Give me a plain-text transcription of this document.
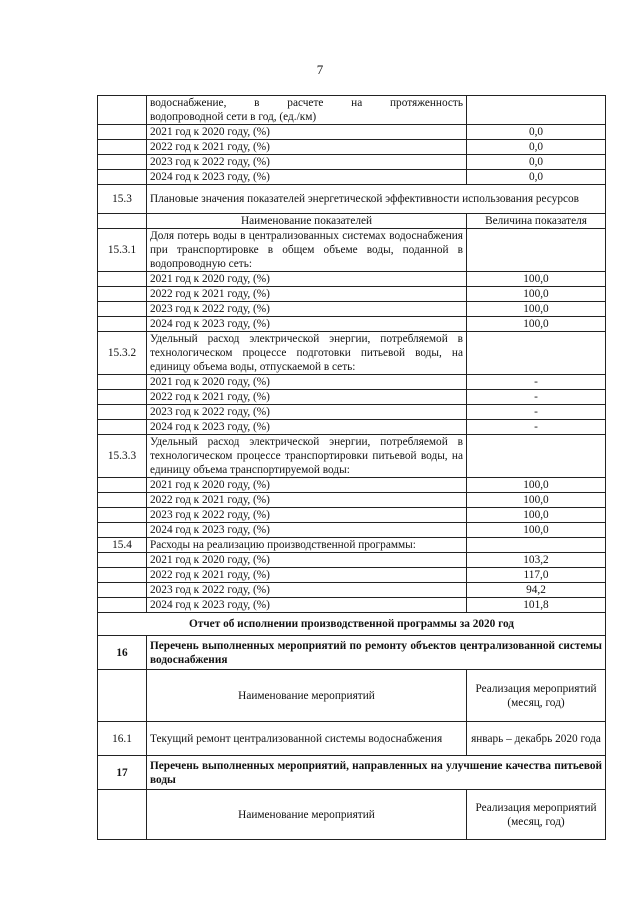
7

	водоснабжение, в расчете на протяженность
водопроводной сети в год, (ед./км)	

	2021 год к 2020 году, (%)	0,0
	2022 год к 2021 году, (%)	0,0
	2023 год к 2022 году, (%)	0,0
	2024 год к 2023 году, (%)	0,0
15.3	Плановые значения показателей энергетической эффективности использования ресурсов	
	Наименование показателей	Величина показателя
15.3.1	Доля потерь воды в централизованных системах водоснабжения при транспортировке в общем объеме воды, поданной в водопроводную сеть:	
	2021 год к 2020 году, (%)	100,0
	2022 год к 2021 году, (%)	100,0
	2023 год к 2022 году, (%)	100,0
	2024 год к 2023 году, (%)	100,0
15.3.2	Удельный расход электрической энергии, потребляемой в технологическом процессе подготовки питьевой воды, на единицу объема воды, отпускаемой в сеть:	
	2021 год к 2020 году, (%)	-
	2022 год к 2021 году, (%)	-
	2023 год к 2022 году, (%)	-
	2024 год к 2023 году, (%)	-
15.3.3	Удельный расход электрической энергии, потребляемой в технологическом процессе транспортировки питьевой воды, на единицу объема транспортируемой воды:	
	2021 год к 2020 году, (%)	100,0
	2022 год к 2021 году, (%)	100,0
	2023 год к 2022 году, (%)	100,0
	2024 год к 2023 году, (%)	100,0
15.4	Расходы на реализацию производственной программы:	
	2021 год к 2020 году, (%)	103,2
	2022 год к 2021 году, (%)	117,0
	2023 год к 2022 году, (%)	94,2
	2024 год к 2023 году, (%)	101,8
Отчет об исполнении производственной программы за 2020 год		
16	Перечень выполненных мероприятий по ремонту объектов централизованной системы водоснабжения	
	Наименование мероприятий	Реализация мероприятий (месяц, год)
16.1	Текущий ремонт централизованной системы водоснабжения	январь – декабрь 2020 года
17	Перечень выполненных мероприятий, направленных на улучшение качества питьевой воды	
	Наименование мероприятий	Реализация мероприятий (месяц, год)
